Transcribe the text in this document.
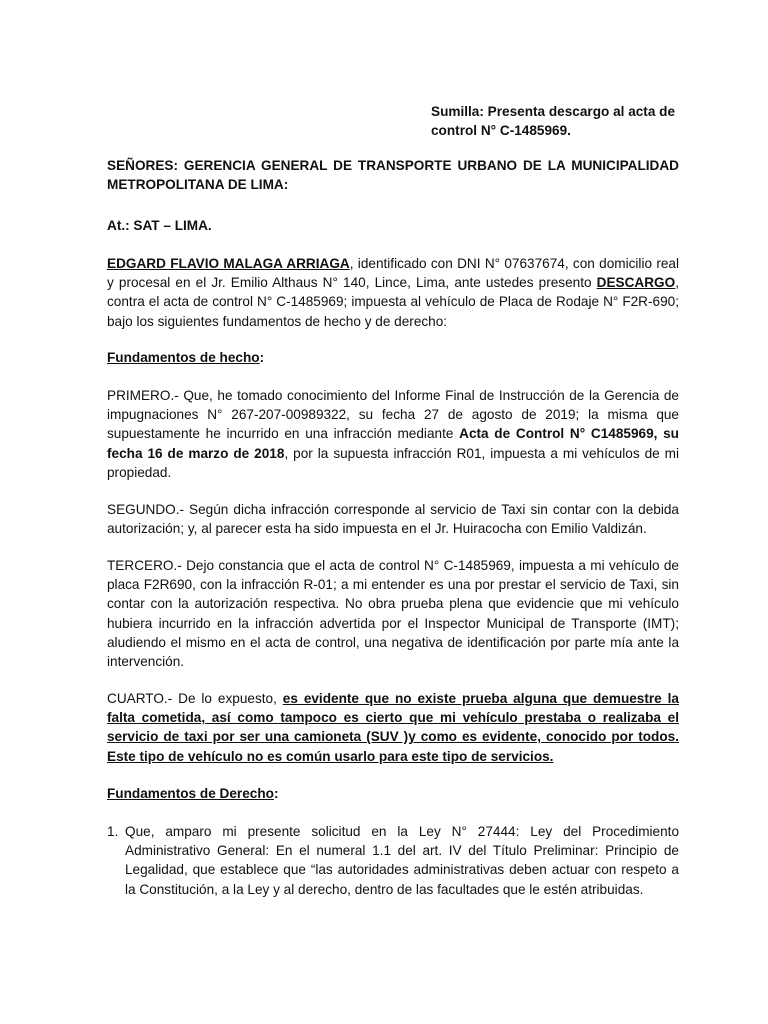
Sumilla: Presenta descargo al acta de
control N° C-1485969.
SEÑORES: GERENCIA GENERAL DE TRANSPORTE URBANO DE LA MUNICIPALIDAD
METROPOLITANA DE LIMA:
At.: SAT – LIMA.

EDGARD FLAVIO MALAGA ARRIAGA, identificado con DNI N° 07637674, con domicilio real y procesal en el Jr. Emilio Althaus N° 140, Lince, Lima, ante ustedes presento DESCARGO, contra el acta de control N° C-1485969; impuesta al vehículo de Placa de Rodaje N° F2R-690; bajo los siguientes fundamentos de hecho y de derecho:

Fundamentos de hecho:

PRIMERO.- Que, he tomado conocimiento del Informe Final de Instrucción de la Gerencia de impugnaciones N° 267-207-00989322, su fecha 27 de agosto de 2019; la misma que supuestamente he incurrido en una infracción mediante Acta de Control N° C1485969, su fecha 16 de marzo de 2018, por la supuesta infracción R01, impuesta a mi vehículos de mi propiedad.

SEGUNDO.- Según dicha infracción corresponde al servicio de Taxi sin contar con la debida autorización; y, al parecer esta ha sido impuesta en el Jr. Huiracocha con Emilio Valdizán.

TERCERO.- Dejo constancia que el acta de control N° C-1485969, impuesta a mi vehículo de placa F2R690, con la infracción R-01; a mi entender es una por prestar el servicio de Taxi, sin contar con la autorización respectiva. No obra prueba plena que evidencie que mi vehículo hubiera incurrido en la infracción advertida por el Inspector Municipal de Transporte (IMT); aludiendo el mismo en el acta de control, una negativa de identificación por parte mía ante la intervención.

CUARTO.- De lo expuesto, es evidente que no existe prueba alguna que demuestre la falta cometida, así como tampoco es cierto que mi vehículo prestaba o realizaba el servicio de taxi por ser una camioneta (SUV )y como es evidente, conocido por todos. Este tipo de vehículo no es común usarlo para este tipo de servicios.

Fundamentos de Derecho:
1. Que, amparo mi presente solicitud en la Ley N° 27444: Ley del Procedimiento Administrativo General: En el numeral 1.1 del art. IV del Título Preliminar: Principio de Legalidad, que establece que “las autoridades administrativas deben actuar con respeto a la Constitución, a la Ley y al derecho, dentro de las facultades que le estén atribuidas.
